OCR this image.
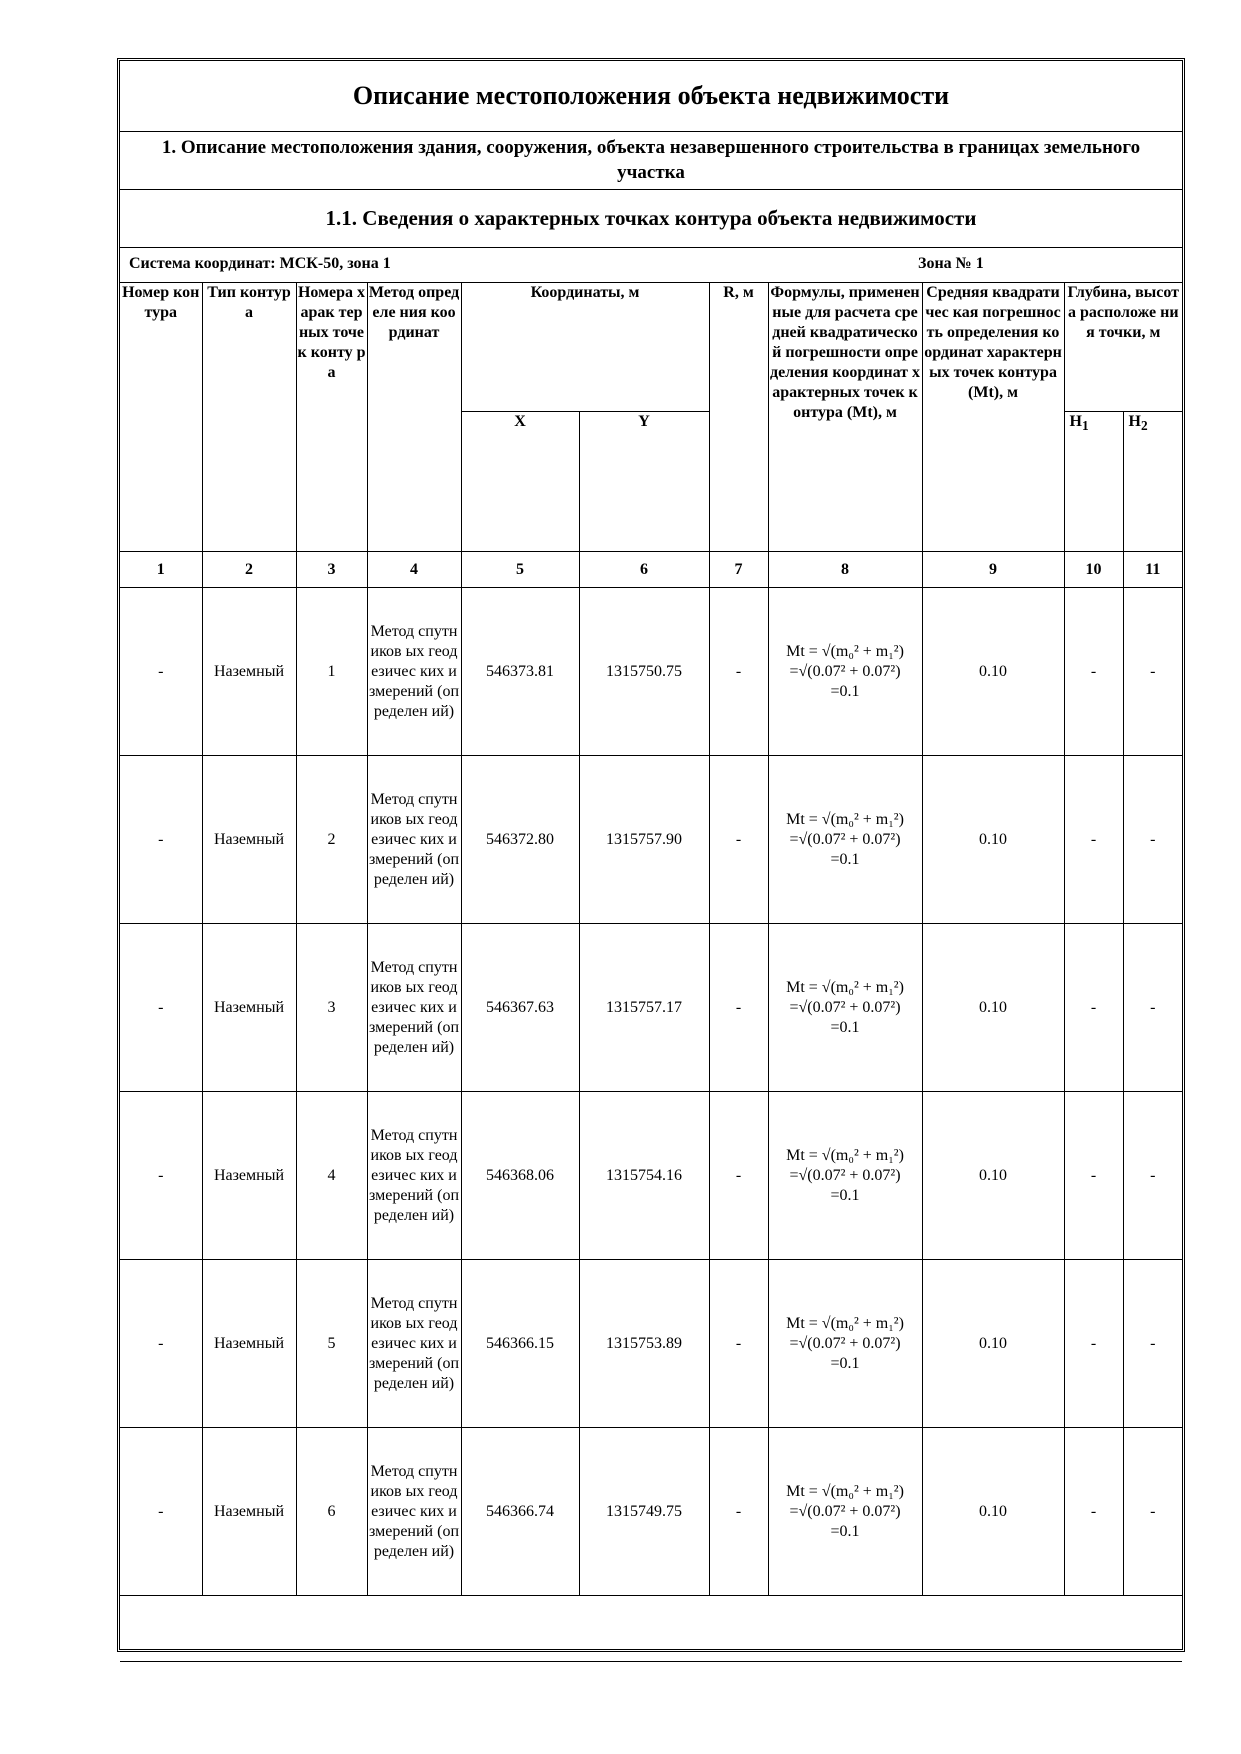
Описание местоположения объекта недвижимости
1. Описание местоположения здания, сооружения, объекта незавершенного строительства в границах земельного участка
1.1. Сведения о характерных точках контура объекта недвижимости
Система координат: МСК-50, зона 1	Зона № 1
Номер контура	Тип контура	Номера харак терных точек конту ра	Метод определе ния координат	Координаты, м		R, м	Формулы, примененные для расчета средней квадратической погрешности определения координат характерных точек контура (Mt), м	Средняя квадратичес кая погрешность определения координат характерных точек контура (Mt), м	Глубина, высота расположе ния точки, м	
				X	Y				$H_1$	$H_2$
1	2	3	4	5	6	7	8	9	10	11
-	Наземный	1	Метод спутников ых геодезичес ких измерений (определен ий)	546373.81	1315750.75	-	Mt = √(m₀² + m₁²)
=√(0.07² + 0.07²)
=0.1	0.10	-	-
-	Наземный	2	Метод спутников ых геодезичес ких измерений (определен ий)	546372.80	1315757.90	-	Mt = √(m₀² + m₁²)
=√(0.07² + 0.07²)
=0.1	0.10	-	-
-	Наземный	3	Метод спутников ых геодезичес ких измерений (определен ий)	546367.63	1315757.17	-	Mt = √(m₀² + m₁²)
=√(0.07² + 0.07²)
=0.1	0.10	-	-
-	Наземный	4	Метод спутников ых геодезичес ких измерений (определен ий)	546368.06	1315754.16	-	Mt = √(m₀² + m₁²)
=√(0.07² + 0.07²)
=0.1	0.10	-	-
-	Наземный	5	Метод спутников ых геодезичес ких измерений (определен ий)	546366.15	1315753.89	-	Mt = √(m₀² + m₁²)
=√(0.07² + 0.07²)
=0.1	0.10	-	-
-	Наземный	6	Метод спутников ых геодезичес ких измерений (определен ий)	546366.74	1315749.75	-	Mt = √(m₀² + m₁²)
=√(0.07² + 0.07²)
=0.1	0.10	-	-
